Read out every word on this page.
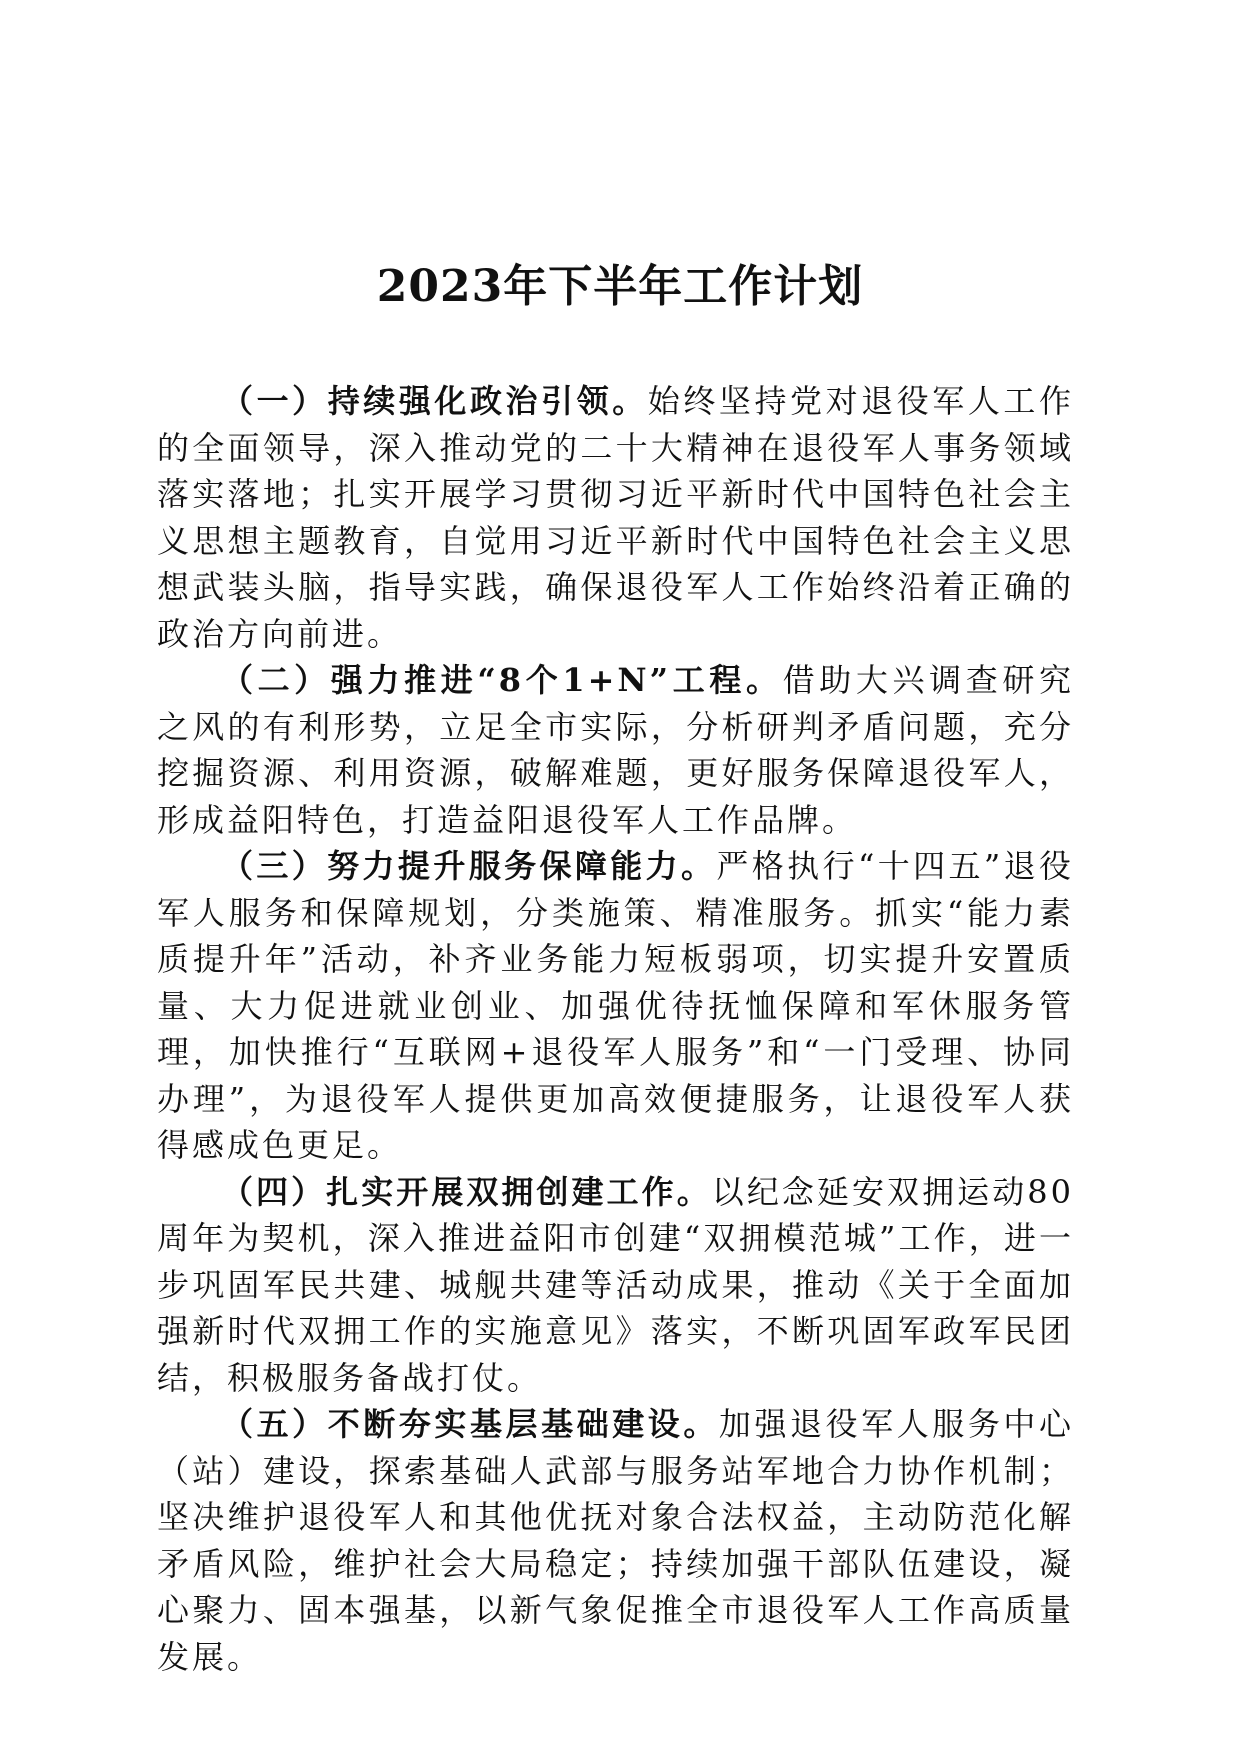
2023年下半年工作计划

（一）持续强化政治引领。始终坚持党对退役军人工作的全面领导，深入推动党的二十大精神在退役军人事务领域落实落地；扎实开展学习贯彻习近平新时代中国特色社会主义思想主题教育，自觉用习近平新时代中国特色社会主义思想武装头脑，指导实践，确保退役军人工作始终沿着正确的政治方向前进。

（二）强力推进“8个1+N”工程。借助大兴调查研究之风的有利形势，立足全市实际，分析研判矛盾问题，充分挖掘资源、利用资源，破解难题，更好服务保障退役军人，形成益阳特色，打造益阳退役军人工作品牌。

（三）努力提升服务保障能力。严格执行“十四五”退役军人服务和保障规划，分类施策、精准服务。抓实“能力素质提升年”活动，补齐业务能力短板弱项，切实提升安置质量、大力促进就业创业、加强优待抚恤保障和军休服务管理，加快推行“互联网+退役军人服务”和“一门受理、协同办理”，为退役军人提供更加高效便捷服务，让退役军人获得感成色更足。

（四）扎实开展双拥创建工作。以纪念延安双拥运动80周年为契机，深入推进益阳市创建“双拥模范城”工作，进一步巩固军民共建、城舰共建等活动成果，推动《关于全面加强新时代双拥工作的实施意见》落实，不断巩固军政军民团结，积极服务备战打仗。

（五）不断夯实基层基础建设。加强退役军人服务中心（站）建设，探索基础人武部与服务站军地合力协作机制；坚决维护退役军人和其他优抚对象合法权益，主动防范化解矛盾风险，维护社会大局稳定；持续加强干部队伍建设，凝心聚力、固本强基，以新气象促推全市退役军人工作高质量发展。
